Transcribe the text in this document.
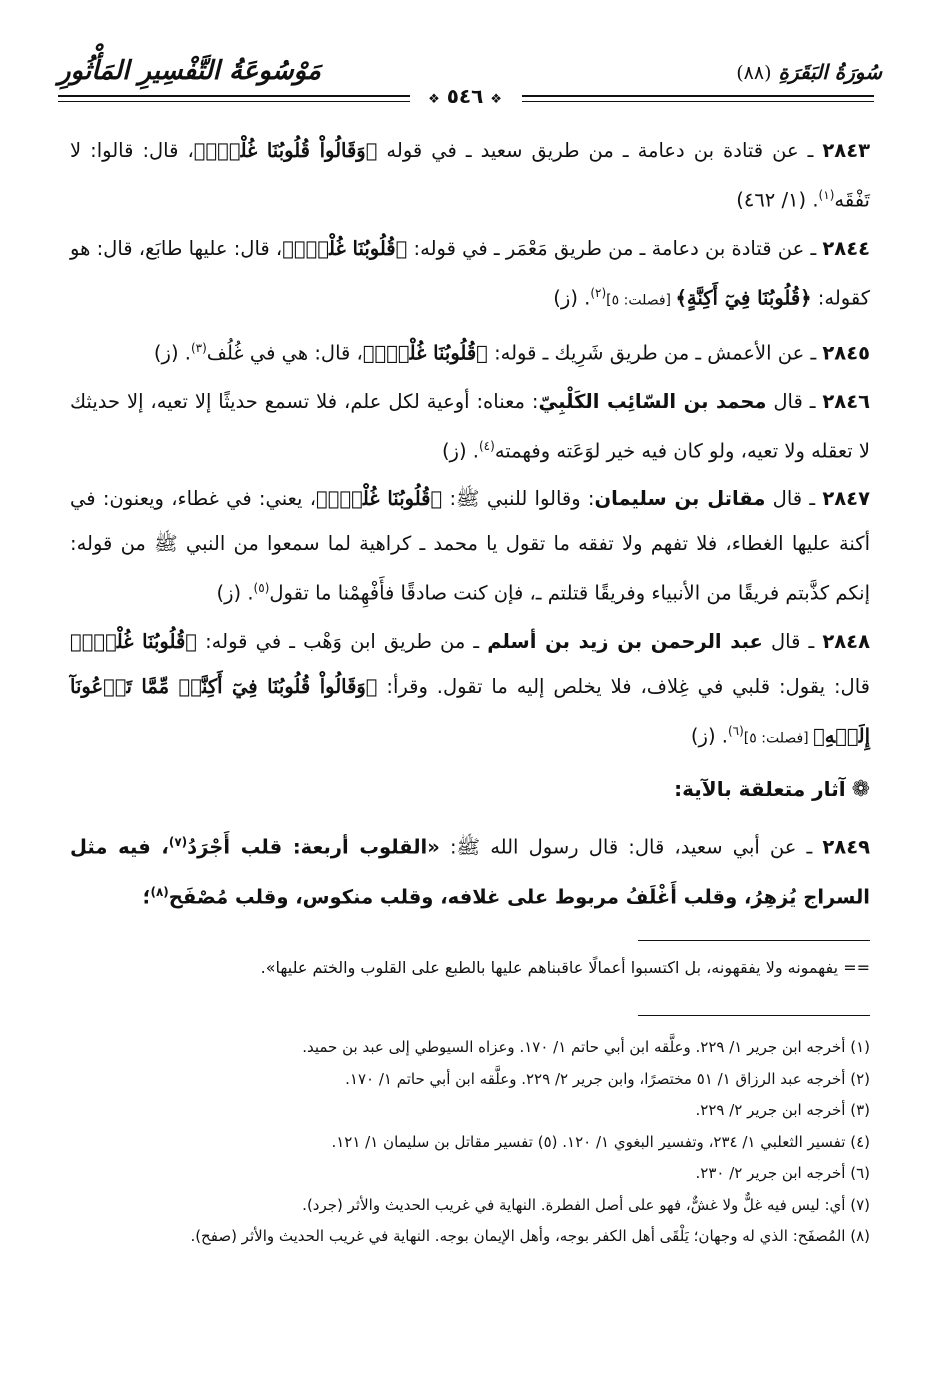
سُورَةُ البَقَرَةِ (٨٨)
مَوْسُوعَةُ التَّفْسِيرِ المَأْثُورِ
❖ ٥٤٦ ❖

٢٨٤٣ ـ عن قتادة بن دعامة ـ من طريق سعيد ـ في قوله ﴿وَقَالُواْ قُلُوبُنَا غُلْفُۢ﴾، قال: قالوا: لا تَفْقَه$^{(١)}$. (١/ ٤٦٢)

٢٨٤٤ ـ عن قتادة بن دعامة ـ من طريق مَعْمَر ـ في قوله: ﴿قُلُوبُنَا غُلْفُۢ﴾، قال: عليها طابَع، قال: هو كقوله: ﴿قُلُوبُنَا فِيٓ أَكِنَّةٍ﴾ [فصلت: ٥]$^{(٢)}$. (ز)

٢٨٤٥ ـ عن الأعمش ـ من طريق شَرِيك ـ قوله: ﴿قُلُوبُنَا غُلْفُۢ﴾، قال: هي في غُلُف$^{(٣)}$. (ز)

٢٨٤٦ ـ قال محمد بن السّائِب الكَلْبِيّ: معناه: أوعية لكل علم، فلا تسمع حديثًا إلا تعيه، إلا حديثك لا تعقله ولا تعيه، ولو كان فيه خير لوَعَته وفهمته$^{(٤)}$. (ز)

٢٨٤٧ ـ قال مقاتل بن سليمان: وقالوا للنبي ﷺ: ﴿قُلُوبُنَا غُلْفُۢ﴾، يعني: في غطاء، ويعنون: في أكنة عليها الغطاء، فلا تفهم ولا تفقه ما تقول يا محمد ـ كراهية لما سمعوا من النبي ﷺ من قوله: إنكم كذَّبتم فريقًا من الأنبياء وفريقًا قتلتم ـ، فإن كنت صادقًا فأَفْهِمْنا ما تقول$^{(٥)}$. (ز)

٢٨٤٨ ـ قال عبد الرحمن بن زيد بن أسلم ـ من طريق ابن وَهْب ـ في قوله: ﴿قُلُوبُنَا غُلْفُۢ﴾ قال: يقول: قلبي في غِلاف، فلا يخلص إليه ما تقول. وقرأ: ﴿وَقَالُواْ قُلُوبُنَا فِيٓ أَكِنَّةٖ مِّمَّا تَدۡعُونَآ إِلَيۡهِ﴾ [فصلت: ٥]$^{(٦)}$. (ز)

❁آثار متعلقة بالآية:

٢٨٤٩ ـ عن أبي سعيد، قال: قال رسول الله ﷺ: «القلوب أربعة: قلب أَجْرَدُ$^{(٧)}$، فيه مثل السراج يُزهِرُ، وقلب أَغْلَفُ مربوط على غلافه، وقلب منكوس، وقلب مُصْفَح$^{(٨)}$؛

== يفهمونه ولا يفقهونه، بل اكتسبوا أعمالًا عاقبناهم عليها بالطبع على القلوب والختم عليها».
(١) أخرجه ابن جرير ١/ ٢٢٩. وعلَّقه ابن أبي حاتم ١/ ١٧٠. وعزاه السيوطي إلى عبد بن حميد.
(٢) أخرجه عبد الرزاق ١/ ٥١ مختصرًا، وابن جرير ٢/ ٢٢٩. وعلَّقه ابن أبي حاتم ١/ ١٧٠.
(٣) أخرجه ابن جرير ٢/ ٢٢٩.
(٤) تفسير الثعلبي ١/ ٢٣٤، وتفسير البغوي ١/ ١٢٠. (٥) تفسير مقاتل بن سليمان ١/ ١٢١.
(٦) أخرجه ابن جرير ٢/ ٢٣٠.
(٧) أي: ليس فيه غلٌّ ولا غشٌّ، فهو على أصل الفطرة. النهاية في غريب الحديث والأثر (جرد).
(٨) المُصفَح: الذي له وجهان؛ يَلْقَى أهل الكفر بوجه، وأهل الإيمان بوجه. النهاية في غريب الحديث والأثر (صفح).
